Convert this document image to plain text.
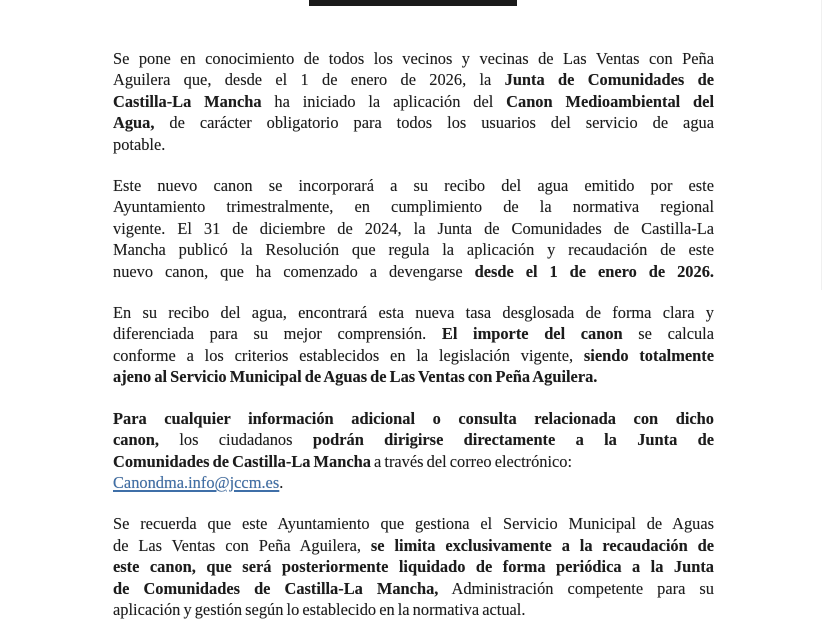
Se pone en conocimiento de todos los vecinos y vecinas de Las Ventas con Peña
Aguilera que, desde el 1 de enero de 2026, la Junta de Comunidades de
Castilla-La Mancha ha iniciado la aplicación del Canon Medioambiental del
Agua, de carácter obligatorio para todos los usuarios del servicio de agua
potable.
Este nuevo canon se incorporará a su recibo del agua emitido por este
Ayuntamiento trimestralmente, en cumplimiento de la normativa regional
vigente. El 31 de diciembre de 2024, la Junta de Comunidades de Castilla-La
Mancha publicó la Resolución que regula la aplicación y recaudación de este
nuevo canon, que ha comenzado a devengarse desde el 1 de enero de 2026.
En su recibo del agua, encontrará esta nueva tasa desglosada de forma clara y
diferenciada para su mejor comprensión. El importe del canon se calcula
conforme a los criterios establecidos en la legislación vigente, siendo totalmente
ajeno al Servicio Municipal de Aguas de Las Ventas con Peña Aguilera.
Para cualquier información adicional o consulta relacionada con dicho
canon, los ciudadanos podrán dirigirse directamente a la Junta de
Comunidades de Castilla-La Mancha a través del correo electrónico:
Canondma.info@jccm.es.
Se recuerda que este Ayuntamiento que gestiona el Servicio Municipal de Aguas
de Las Ventas con Peña Aguilera, se limita exclusivamente a la recaudación de
este canon, que será posteriormente liquidado de forma periódica a la Junta
de Comunidades de Castilla-La Mancha, Administración competente para su
aplicación y gestión según lo establecido en la normativa actual.
